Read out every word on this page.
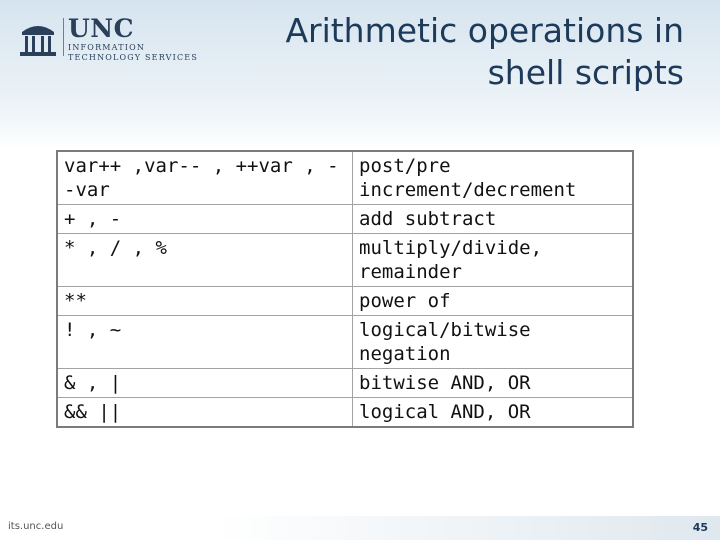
UNC
INFORMATION
TECHNOLOGY SERVICES
Arithmetic operations in
shell scripts
var++ ,var-- , ++var , --var	post/pre increment/decrement
+ , -	add subtract
* , / , %	multiply/divide, remainder
**	power of
! , ~	logical/bitwise negation
& , |	bitwise AND, OR
&& ||	logical AND, OR
its.unc.edu	45
